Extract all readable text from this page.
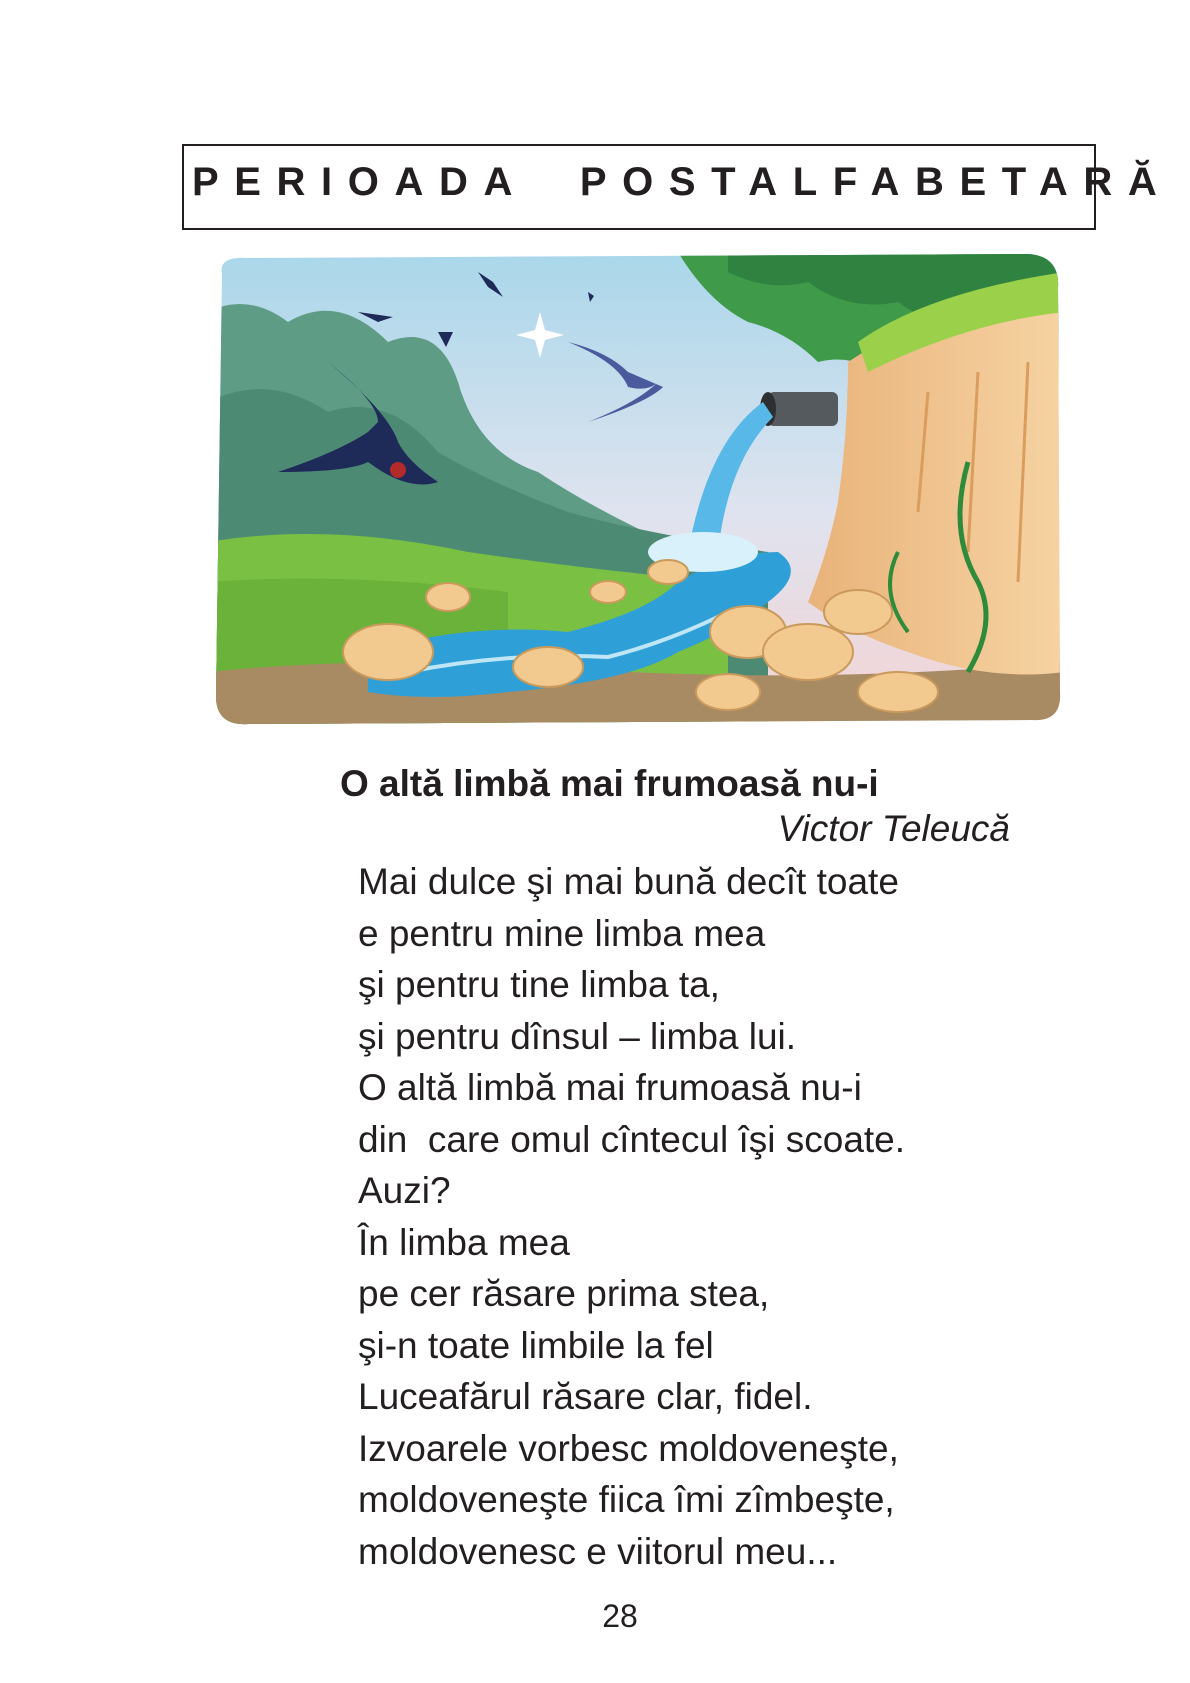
PERIOADA  POSTALFABETARĂ
O altă limbă mai frumoasă nu-i
Victor Teleucă
Mai dulce şi mai bună decît toate
e pentru mine limba mea
şi pentru tine limba ta,
şi pentru dînsul – limba lui.
O altă limbă mai frumoasă nu-i
din  care omul cîntecul îşi scoate.
Auzi?
În limba mea
pe cer răsare prima stea,
şi-n toate limbile la fel
Luceafărul răsare clar, fidel.
Izvoarele vorbesc moldoveneşte,
moldoveneşte fiica îmi zîmbeşte,
moldovenesc e viitorul meu...
28
